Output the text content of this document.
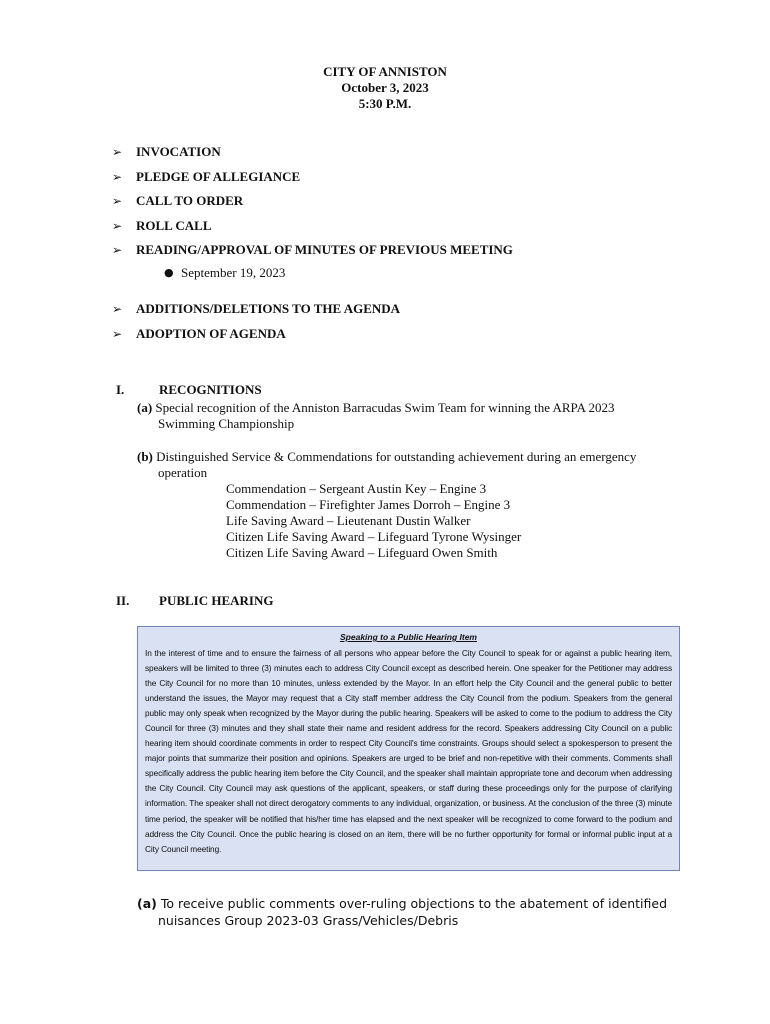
CITY OF ANNISTON
October 3, 2023
5:30 P.M.
➢ INVOCATION
➢ PLEDGE OF ALLEGIANCE
➢ CALL TO ORDER
➢ ROLL CALL
➢ READING/APPROVAL OF MINUTES OF PREVIOUS MEETING
● September 19, 2023
➢ ADDITIONS/DELETIONS TO THE AGENDA
➢ ADOPTION OF AGENDA
I.	RECOGNITIONS
(a) Special recognition of the Anniston Barracudas Swim Team for winning the ARPA 2023
Swimming Championship
(b) Distinguished Service & Commendations for outstanding achievement during an emergency
operation
Commendation – Sergeant Austin Key – Engine 3
Commendation – Firefighter James Dorroh – Engine 3
Life Saving Award – Lieutenant Dustin Walker
Citizen Life Saving Award – Lifeguard Tyrone Wysinger
Citizen Life Saving Award – Lifeguard Owen Smith
II. PUBLIC HEARING
Speaking to a Public Hearing Item
In the interest of time and to ensure the fairness of all persons who appear before the City Council to speak for or against a public hearing item, speakers will be limited to three (3) minutes each to address City Council except as described herein. One speaker for the Petitioner may address the City Council for no more than 10 minutes, unless extended by the Mayor. In an effort help the City Council and the general public to better understand the issues, the Mayor may request that a City staff member address the City Council from the podium. Speakers from the general public may only speak when recognized by the Mayor during the public hearing. Speakers will be asked to come to the podium to address the City Council for three (3) minutes and they shall state their name and resident address for the record. Speakers addressing City Council on a public hearing item should coordinate comments in order to respect City Council's time constraints. Groups should select a spokesperson to present the major points that summarize their position and opinions. Speakers are urged to be brief and non-repetitive with their comments. Comments shall specifically address the public hearing item before the City Council, and the speaker shall maintain appropriate tone and decorum when addressing the City Council. City Council may ask questions of the applicant, speakers, or staff during these proceedings only for the purpose of clarifying information. The speaker shall not direct derogatory comments to any individual, organization, or business. At the conclusion of the three (3) minute time period, the speaker will be notified that his/her time has elapsed and the next speaker will be recognized to come forward to the podium and address the City Council. Once the public hearing is closed on an item, there will be no further opportunity for formal or informal public input at a City Council meeting.
(a) To receive public comments over-ruling objections to the abatement of identified
nuisances Group 2023-03 Grass/Vehicles/Debris
